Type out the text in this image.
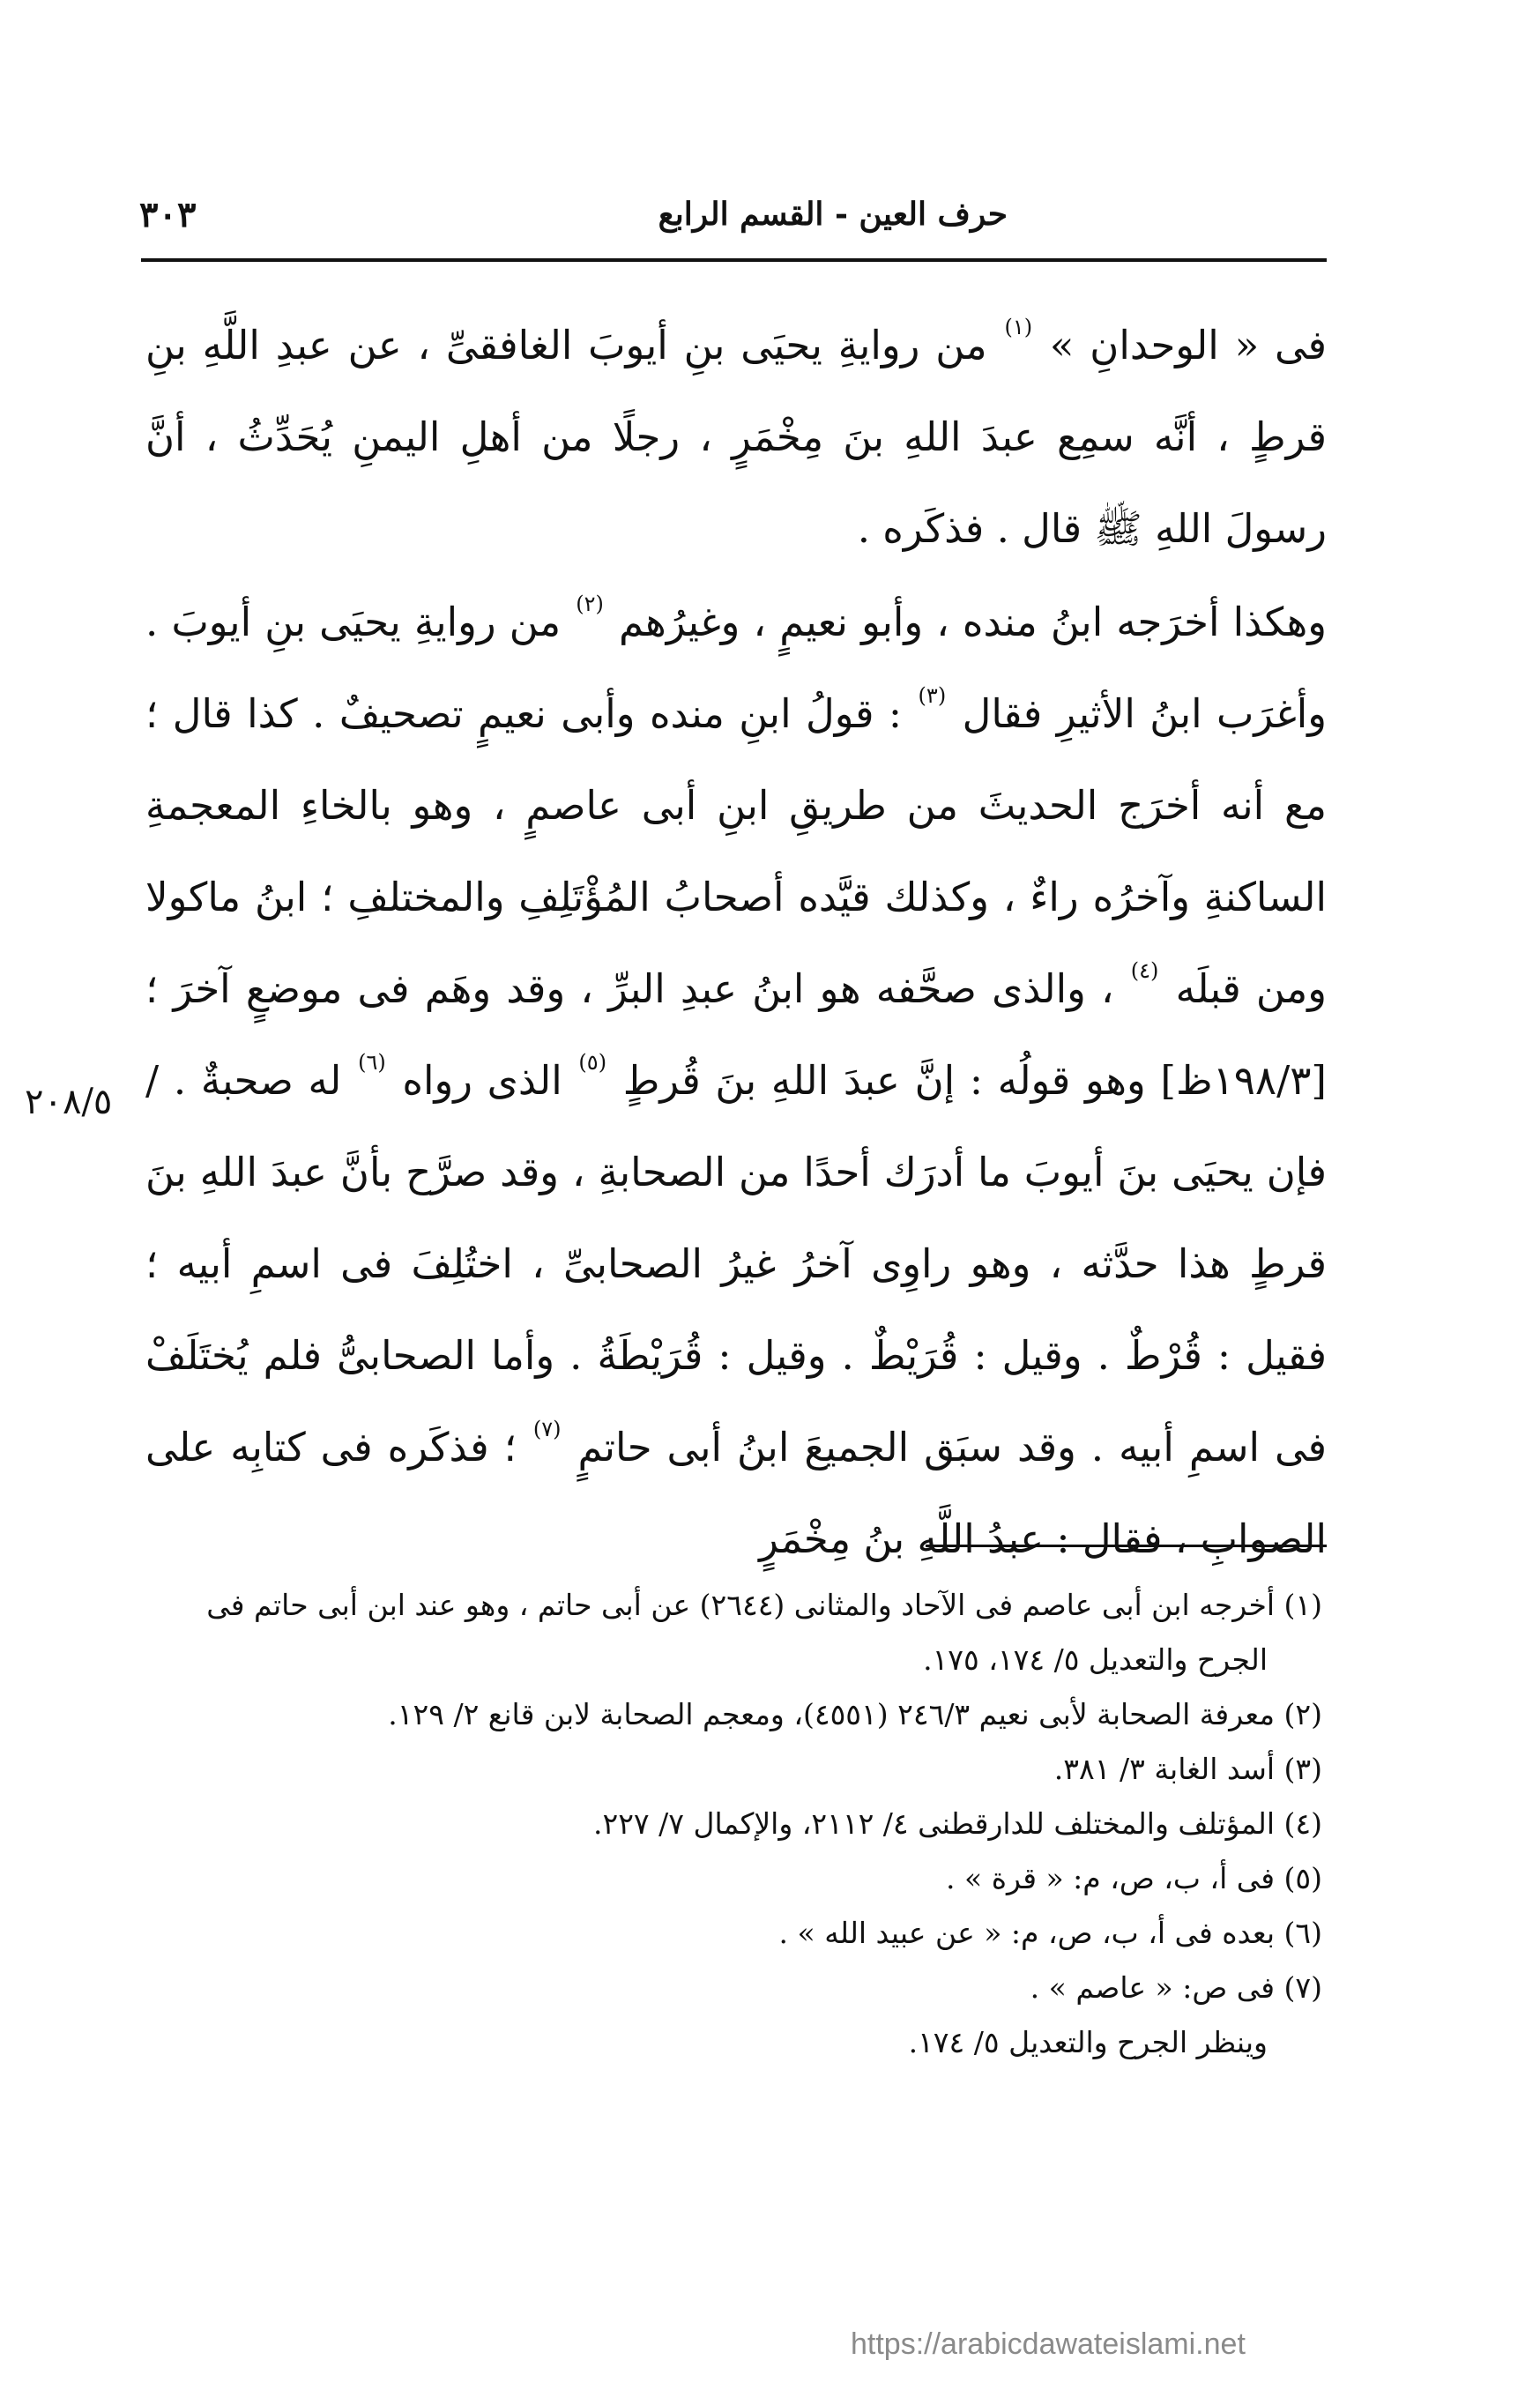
حرف العين - القسم الرابع
٣٠٣
٢٠٨/٥

فى « الوحدانِ » $^{(١)}$ من روايةِ يحيَى بنِ أيوبَ الغافقىِّ ، عن عبدِ اللَّهِ بنِ قرطٍ ، أنَّه سمِع عبدَ اللهِ بنَ مِخْمَرٍ ، رجلًا من أهلِ اليمنِ يُحَدِّثُ ، أنَّ رسولَ اللهِ ﷺ قال . فذكَره .

وهكذا أخرَجه ابنُ منده ، وأبو نعيمٍ ، وغيرُهم $^{(٢)}$ من روايةِ يحيَى بنِ أيوبَ . وأغرَب ابنُ الأثيرِ فقال $^{(٣)}$ : قولُ ابنِ منده وأبى نعيمٍ تصحيفٌ . كذا قال ؛ مع أنه أخرَج الحديثَ من طريقِ ابنِ أبى عاصمٍ ، وهو بالخاءِ المعجمةِ الساكنةِ وآخرُه راءٌ ، وكذلك قيَّده أصحابُ المُؤْتَلِفِ والمختلفِ ؛ ابنُ ماكولا ومن قبلَه $^{(٤)}$ ، والذى صحَّفه هو ابنُ عبدِ البرِّ ، وقد وهَم فى موضعٍ آخرَ ؛ [١٩٨/٣ظ] وهو قولُه : إنَّ عبدَ اللهِ بنَ قُرطٍ $^{(٥)}$ الذى رواه $^{(٦)}$ له صحبةٌ . /فإن يحيَى بنَ أيوبَ ما أدرَك أحدًا من الصحابةِ ، وقد صرَّح بأنَّ عبدَ اللهِ بنَ قرطٍ هذا حدَّثه ، وهو راوِى آخرُ غيرُ الصحابىِّ ، اختُلِفَ فى اسمِ أبيه ؛ فقيل : قُرْطٌ . وقيل : قُرَيْطٌ . وقيل : قُرَيْطَةُ . وأما الصحابىُّ فلم يُختَلَفْ فى اسمِ أبيه . وقد سبَق الجميعَ ابنُ أبى حاتمٍ $^{(٧)}$ ؛ فذكَره فى كتابِه على الصوابِ ، فقال : عبدُ اللَّهِ بنُ مِخْمَرٍ

(١) أخرجه ابن أبى عاصم فى الآحاد والمثانى (٢٦٤٤) عن أبى حاتم ، وهو عند ابن أبى حاتم فى

الجرح والتعديل ٥/ ١٧٤، ١٧٥.

(٢) معرفة الصحابة لأبى نعيم ٢٤٦/٣ (٤٥٥١)، ومعجم الصحابة لابن قانع ٢/ ١٢٩.

(٣) أسد الغابة ٣/ ٣٨١.

(٤) المؤتلف والمختلف للدارقطنى ٤/ ٢١١٢، والإكمال ٧/ ٢٢٧.

(٥) فى أ، ب، ص، م: « قرة » .

(٦) بعده فى أ، ب، ص، م: « عن عبيد الله » .

(٧) فى ص: « عاصم » .

وينظر الجرح والتعديل ٥/ ١٧٤.

https://arabicdawateislami.net
